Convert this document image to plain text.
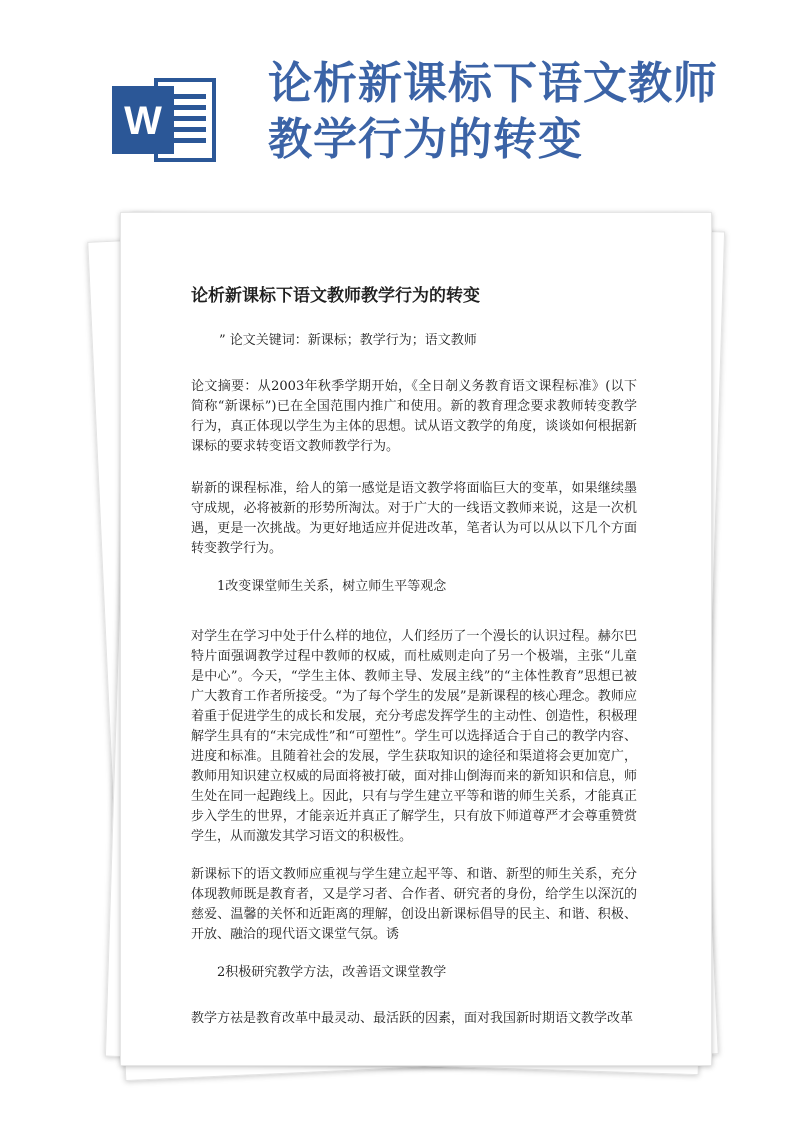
W
论析新课标下语文教师
教学行为的转变
论析新课标下语文教师教学行为的转变
” 论文关键词：新课标；教学行为；语文教师
论文摘要：从2003年秋季学期开始，《全日剞义务教育语文课程标准》(以下简称“新课标”)已在全国范围内推广和使用。新的教育理念要求教师转变教学行为，真正体现以学生为主体的思想。试从语文教学的角度，谈谈如何根据新课标的要求转变语文教师教学行为。
崭新的课程标准，给人的第一感觉是语文教学将面临巨大的变革，如果继续墨守成规，必将被新的形势所淘汰。对于广大的一线语文教师来说，这是一次机遇，更是一次挑战。为更好地适应并促进改革，笔者认为可以从以下几个方面转变教学行为。
1改变课堂师生关系，树立师生平等观念
对学生在学习中处于什么样的地位，人们经历了一个漫长的认识过程。赫尔巴特片面强调教学过程中教师的权威，而杜威则走向了另一个极端，主张“儿童是中心”。今天，“学生主体、教师主导、发展主线”的“主体性教育”思想已被广大教育工作者所接受。“为了每个学生的发展”是新课程的核心理念。教师应着重于促进学生的成长和发展，充分考虑发挥学生的主动性、创造性，积极理解学生具有的“末完成性”和“可塑性”。学生可以选择适合于自己的教学内容、进度和标准。且随着社会的发展，学生获取知识的途径和渠道将会更加宽广，教师用知识建立权威的局面将被打破，面对排山倒海而来的新知识和信息，师生处在同一起跑线上。因此，只有与学生建立平等和谐的师生关系，才能真正步入学生的世界，才能亲近并真正了解学生，只有放下师道尊严才会尊重赞赏学生，从而激发其学习语文的积极性。
新课标下的语文教师应重视与学生建立起平等、和谐、新型的师生关系，充分体现教师既是教育者，又是学习者、合作者、研究者的身份，给学生以深沉的慈爱、温馨的关怀和近距离的理解，创设出新课标倡导的民主、和谐、积极、开放、融洽的现代语文课堂气氛。诱
2积极研究教学方法，改善语文课堂教学
教学方祛是教育改革中最灵动、最活跃的因素，面对我国新时期语文教学改革
